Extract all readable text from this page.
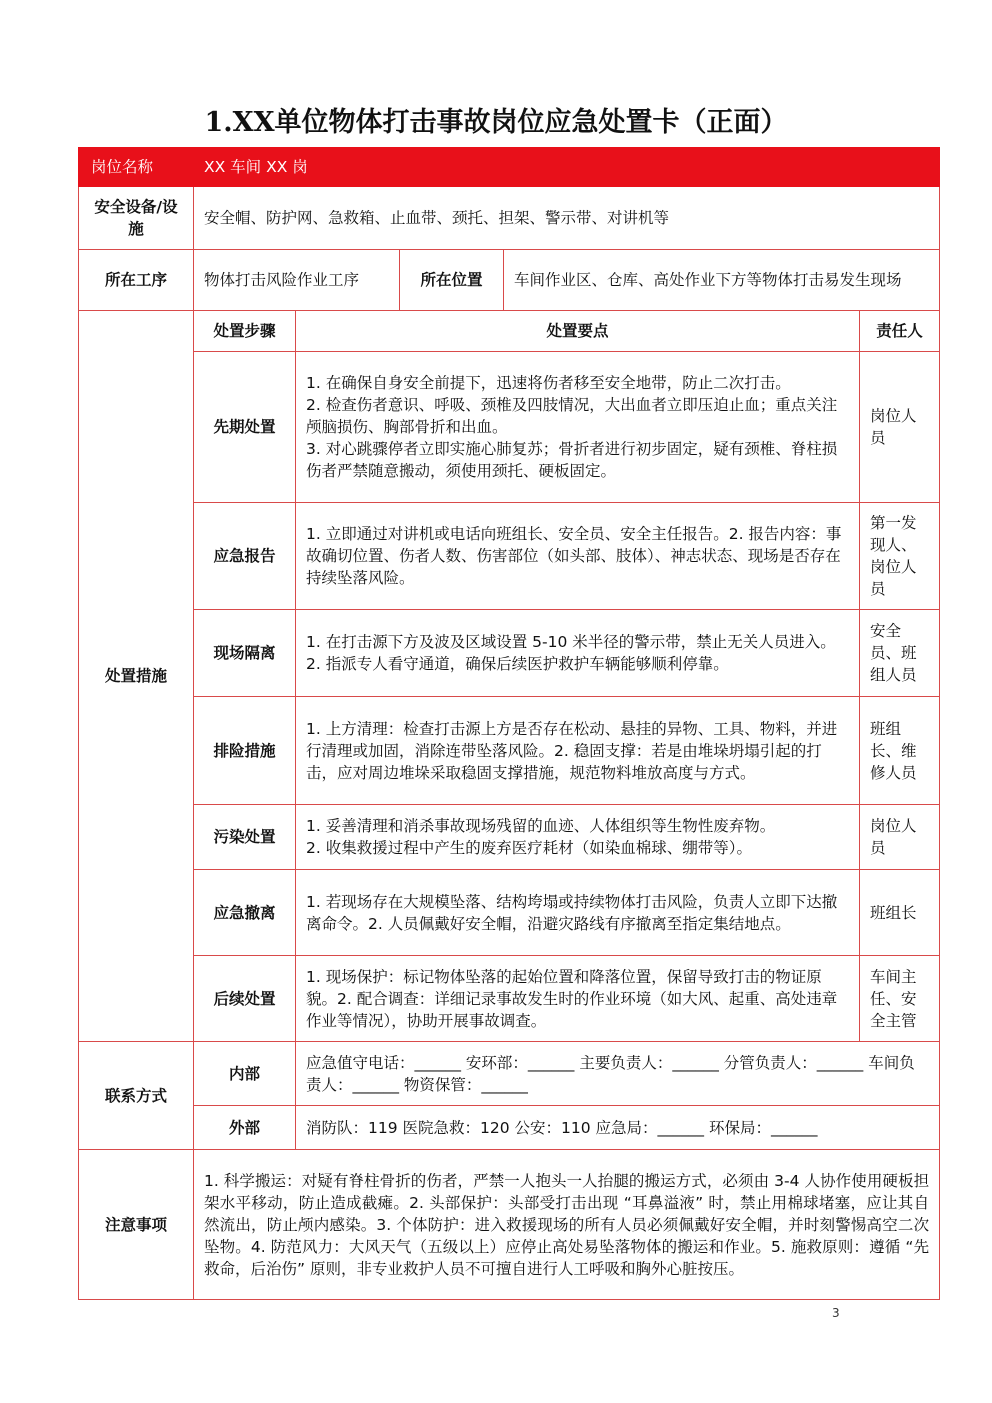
1.XX单位物体打击事故岗位应急处置卡（正面）
岗位名称	XX 车间 XX 岗				
安全设备/设施	安全帽、防护网、急救箱、止血带、颈托、担架、警示带、对讲机等				
所在工序	物体打击风险作业工序		所在位置	车间作业区、仓库、高处作业下方等物体打击易发生现场	
处置措施	处置步骤	处置要点			责任人
	先期处置	1. 在确保自身安全前提下，迅速将伤者移至安全地带，防止二次打击。
2. 检查伤者意识、呼吸、颈椎及四肢情况，大出血者立即压迫止血；重点关注颅脑损伤、胸部骨折和出血。
3. 对心跳骤停者立即实施心肺复苏；骨折者进行初步固定，疑有颈椎、脊柱损伤者严禁随意搬动，须使用颈托、硬板固定。			岗位人员
	应急报告	1. 立即通过对讲机或电话向班组长、安全员、安全主任报告。2. 报告内容：事故确切位置、伤者人数、伤害部位（如头部、肢体）、神志状态、现场是否存在持续坠落风险。			第一发现人、岗位人员
	现场隔离	1. 在打击源下方及波及区域设置 5-10 米半径的警示带，禁止无关人员进入。2. 指派专人看守通道，确保后续医护救护车辆能够顺利停靠。			安全员、班组人员
	排险措施	1. 上方清理：检查打击源上方是否存在松动、悬挂的异物、工具、物料，并进行清理或加固，消除连带坠落风险。2. 稳固支撑：若是由堆垛坍塌引起的打击，应对周边堆垛采取稳固支撑措施，规范物料堆放高度与方式。			班组长、维修人员
	污染处置	1. 妥善清理和消杀事故现场残留的血迹、人体组织等生物性废弃物。
2. 收集救援过程中产生的废弃医疗耗材（如染血棉球、绷带等）。			岗位人员
	应急撤离	1. 若现场存在大规模坠落、结构垮塌或持续物体打击风险，负责人立即下达撤离命令。2. 人员佩戴好安全帽，沿避灾路线有序撤离至指定集结地点。			班组长
	后续处置	1. 现场保护：标记物体坠落的起始位置和降落位置，保留导致打击的物证原貌。2. 配合调查：详细记录事故发生时的作业环境（如大风、起重、高处违章作业等情况），协助开展事故调查。			车间主任、安全主管
联系方式	内部	应急值守电话：______ 安环部：______ 主要负责人：______ 分管负责人：______ 车间负责人：______ 物资保管：______			
	外部	消防队：119 医院急救：120 公安：110 应急局：______ 环保局：______			
注意事项	1. 科学搬运：对疑有脊柱骨折的伤者，严禁一人抱头一人抬腿的搬运方式，必须由 3-4 人协作使用硬板担架水平移动，防止造成截瘫。2. 头部保护：头部受打击出现 “耳鼻溢液” 时，禁止用棉球堵塞，应让其自然流出，防止颅内感染。3. 个体防护：进入救援现场的所有人员必须佩戴好安全帽，并时刻警惕高空二次坠物。4. 防范风力：大风天气（五级以上）应停止高处易坠落物体的搬运和作业。5. 施救原则：遵循 “先救命，后治伤” 原则，非专业救护人员不可擅自进行人工呼吸和胸外心脏按压。				
3
